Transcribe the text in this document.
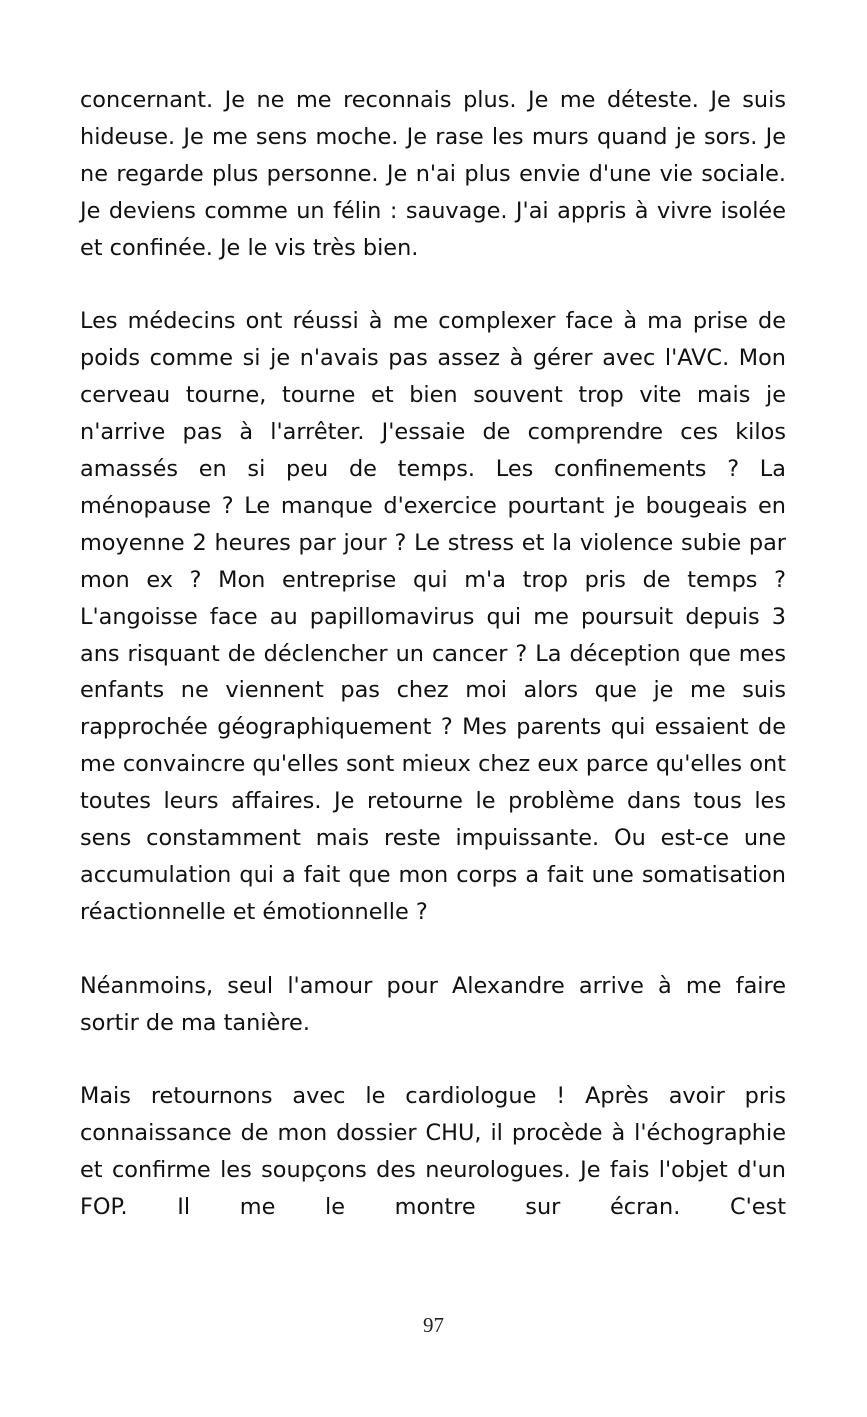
concernant. Je ne me reconnais plus. Je me déteste. Je suis hideuse. Je me sens moche. Je rase les murs quand je sors. Je ne regarde plus personne. Je n'ai plus envie d'une vie sociale. Je deviens comme un félin : sauvage. J'ai appris à vivre isolée et confinée. Je le vis très bien.

Les médecins ont réussi à me complexer face à ma prise de poids comme si je n'avais pas assez à gérer avec l'AVC. Mon cerveau tourne, tourne et bien souvent trop vite mais je n'arrive pas à l'arrêter. J'essaie de comprendre ces kilos amassés en si peu de temps. Les confinements ? La ménopause ? Le manque d'exercice pourtant je bougeais en moyenne 2 heures par jour ? Le stress et la violence subie par mon ex ? Mon entreprise qui m'a trop pris de temps ? L'angoisse face au papillomavirus qui me poursuit depuis 3 ans risquant de déclencher un cancer ? La déception que mes enfants ne viennent pas chez moi alors que je me suis rapprochée géographiquement ? Mes parents qui essaient de me convaincre qu'elles sont mieux chez eux parce qu'elles ont toutes leurs affaires. Je retourne le problème dans tous les sens constamment mais reste impuissante. Ou est-ce une accumulation qui a fait que mon corps a fait une somatisation réactionnelle et émotionnelle ?

Néanmoins, seul l'amour pour Alexandre arrive à me faire sortir de ma tanière.

Mais retournons avec le cardiologue ! Après avoir pris connaissance de mon dossier CHU, il procède à l'échographie et confirme les soupçons des neurologues. Je fais l'objet d'un FOP. Il me le montre sur écran. C'est

97
